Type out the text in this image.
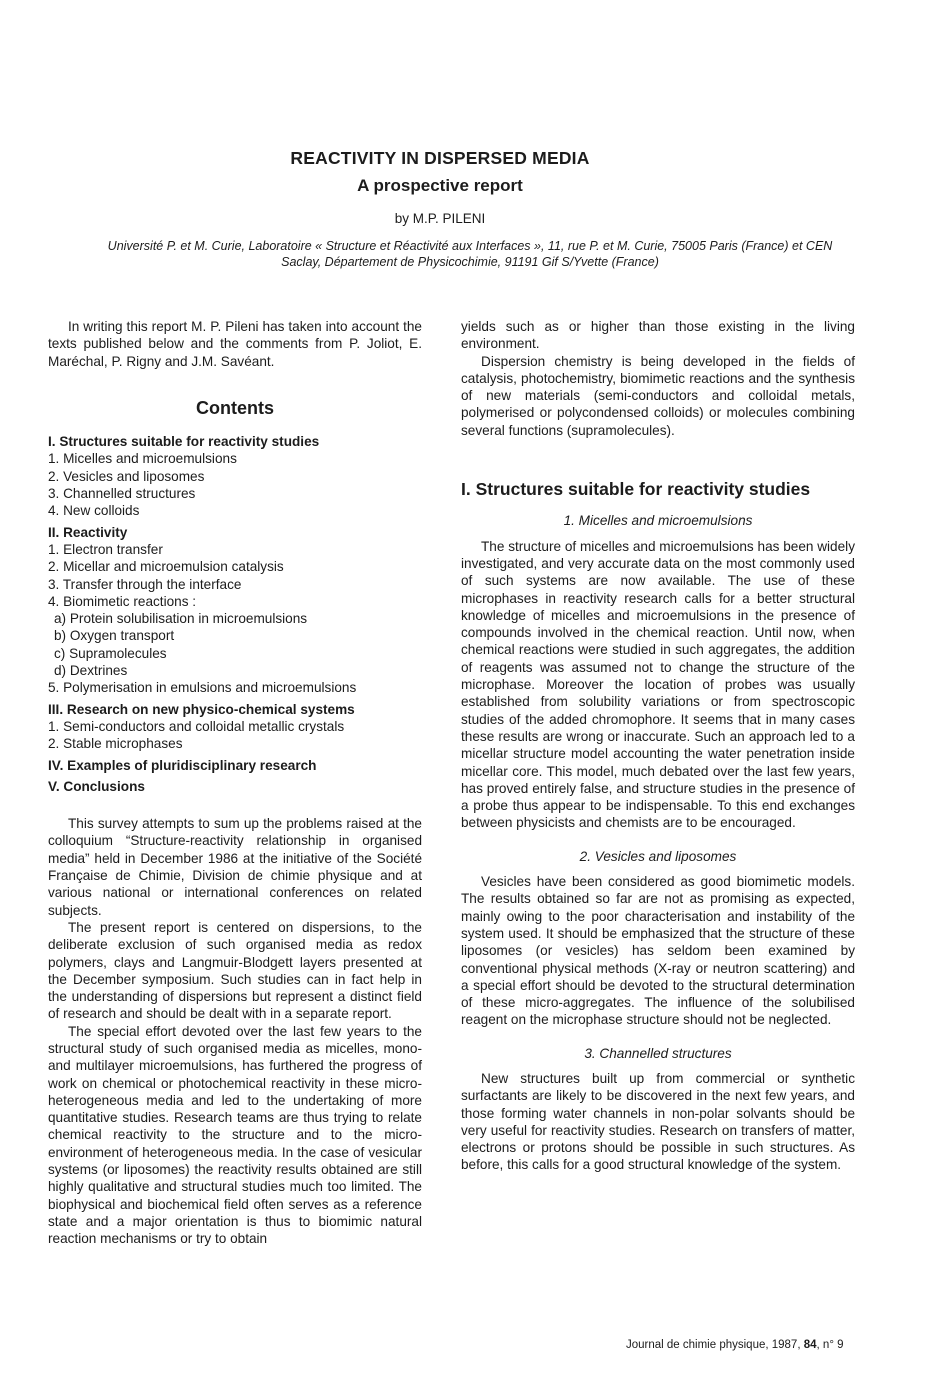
REACTIVITY IN DISPERSED MEDIA
A prospective report
by M.P. PILENI
Université P. et M. Curie, Laboratoire « Structure et Réactivité aux Interfaces », 11, rue P. et M. Curie, 75005 Paris (France) et CEN
Saclay, Département de Physicochimie, 91191 Gif S/Yvette (France)

In writing this report M. P. Pileni has taken into account the texts published below and the comments from P. Joliot, E. Maréchal, P. Rigny and J.M. Savéant.

Contents
I. Structures suitable for reactivity studies
1. Micelles and microemulsions
2. Vesicles and liposomes
3. Channelled structures
4. New colloids
II. Reactivity
1. Electron transfer
2. Micellar and microemulsion catalysis
3. Transfer through the interface
4. Biomimetic reactions :
a) Protein solubilisation in microemulsions
b) Oxygen transport
c) Supramolecules
d) Dextrines
5. Polymerisation in emulsions and microemulsions
III. Research on new physico-chemical systems
1. Semi-conductors and colloidal metallic crystals
2. Stable microphases
IV. Examples of pluridisciplinary research
V. Conclusions

This survey attempts to sum up the problems raised at the colloquium “Structure-reactivity relationship in organised media” held in December 1986 at the initiative of the Société Française de Chimie, Division de chimie physique and at various national or international conferences on related subjects.

The present report is centered on dispersions, to the deliberate exclusion of such organised media as redox polymers, clays and Langmuir-Blodgett layers presented at the December symposium. Such studies can in fact help in the understanding of dispersions but represent a distinct field of research and should be dealt with in a separate report.

The special effort devoted over the last few years to the structural study of such organised media as micelles, mono- and multilayer microemulsions, has furthered the progress of work on chemical or photochemical reactivity in these micro-heterogeneous media and led to the undertaking of more quantitative studies. Research teams are thus trying to relate chemical reactivity to the structure and to the micro-environment of heterogeneous media. In the case of vesicular systems (or liposomes) the reactivity results obtained are still highly qualitative and structural studies much too limited. The biophysical and biochemical field often serves as a reference state and a major orientation is thus to biomimic natural reaction mechanisms or try to obtain

yields such as or higher than those existing in the living environment.

Dispersion chemistry is being developed in the fields of catalysis, photochemistry, biomimetic reactions and the synthesis of new materials (semi-conductors and colloidal metals, polymerised or polycondensed colloids) or molecules combining several functions (supramolecules).

I. Structures suitable for reactivity studies
1. Micelles and microemulsions

The structure of micelles and microemulsions has been widely investigated, and very accurate data on the most commonly used of such systems are now available. The use of these microphases in reactivity research calls for a better structural knowledge of micelles and microemulsions in the presence of compounds involved in the chemical reaction. Until now, when chemical reactions were studied in such aggregates, the addition of reagents was assumed not to change the structure of the microphase. Moreover the location of probes was usually established from solubility variations or from spectroscopic studies of the added chromophore. It seems that in many cases these results are wrong or inaccurate. Such an approach led to a micellar structure model accounting the water penetration inside micellar core. This model, much debated over the last few years, has proved entirely false, and structure studies in the presence of a probe thus appear to be indispensable. To this end exchanges between physicists and chemists are to be encouraged.

2. Vesicles and liposomes

Vesicles have been considered as good biomimetic models. The results obtained so far are not as promising as expected, mainly owing to the poor characterisation and instability of the system used. It should be emphasized that the structure of these liposomes (or vesicles) has seldom been examined by conventional physical methods (X-ray or neutron scattering) and a special effort should be devoted to the structural determination of these micro-aggregates. The influence of the solubilised reagent on the microphase structure should not be neglected.

3. Channelled structures

New structures built up from commercial or synthetic surfactants are likely to be discovered in the next few years, and those forming water channels in non-polar solvants should be very useful for reactivity studies. Research on transfers of matter, electrons or protons should be possible in such structures. As before, this calls for a good structural knowledge of the system.

Journal de chimie physique, 1987, 84, n° 9
